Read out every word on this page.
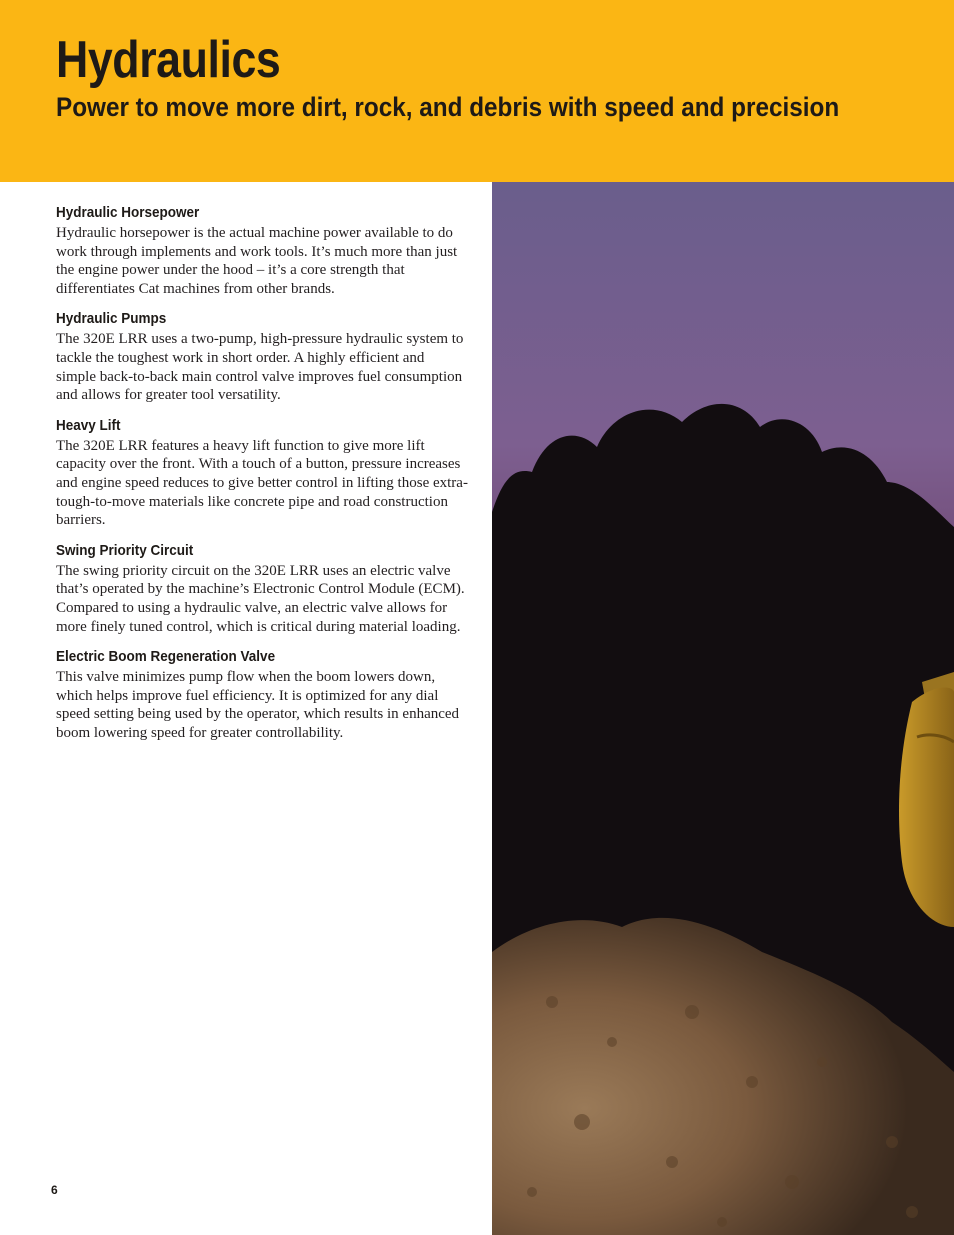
Hydraulics
Power to move more dirt, rock, and debris with speed and precision
Hydraulic Horsepower

Hydraulic horsepower is the actual machine power available to do work through implements and work tools. It’s much more than just the engine power under the hood – it’s a core strength that differentiates Cat machines from other brands.

Hydraulic Pumps

The 320E LRR uses a two-pump, high-pressure hydraulic system to tackle the toughest work in short order. A highly efficient and simple back-to-back main control valve improves fuel consumption and allows for greater tool versatility.

Heavy Lift

The 320E LRR features a heavy lift function to give more lift capacity over the front. With a touch of a button, pressure increases and engine speed reduces to give better control in lifting those extra-tough-to-move materials like concrete pipe and road construction barriers.

Swing Priority Circuit

The swing priority circuit on the 320E LRR uses an electric valve that’s operated by the machine’s Electronic Control Module (ECM). Compared to using a hydraulic valve, an electric valve allows for more finely tuned control, which is critical during material loading.

Electric Boom Regeneration Valve

This valve minimizes pump flow when the boom lowers down, which helps improve fuel efficiency. It is optimized for any dial speed setting being used by the operator, which results in enhanced boom lowering speed for greater controllability.

6
